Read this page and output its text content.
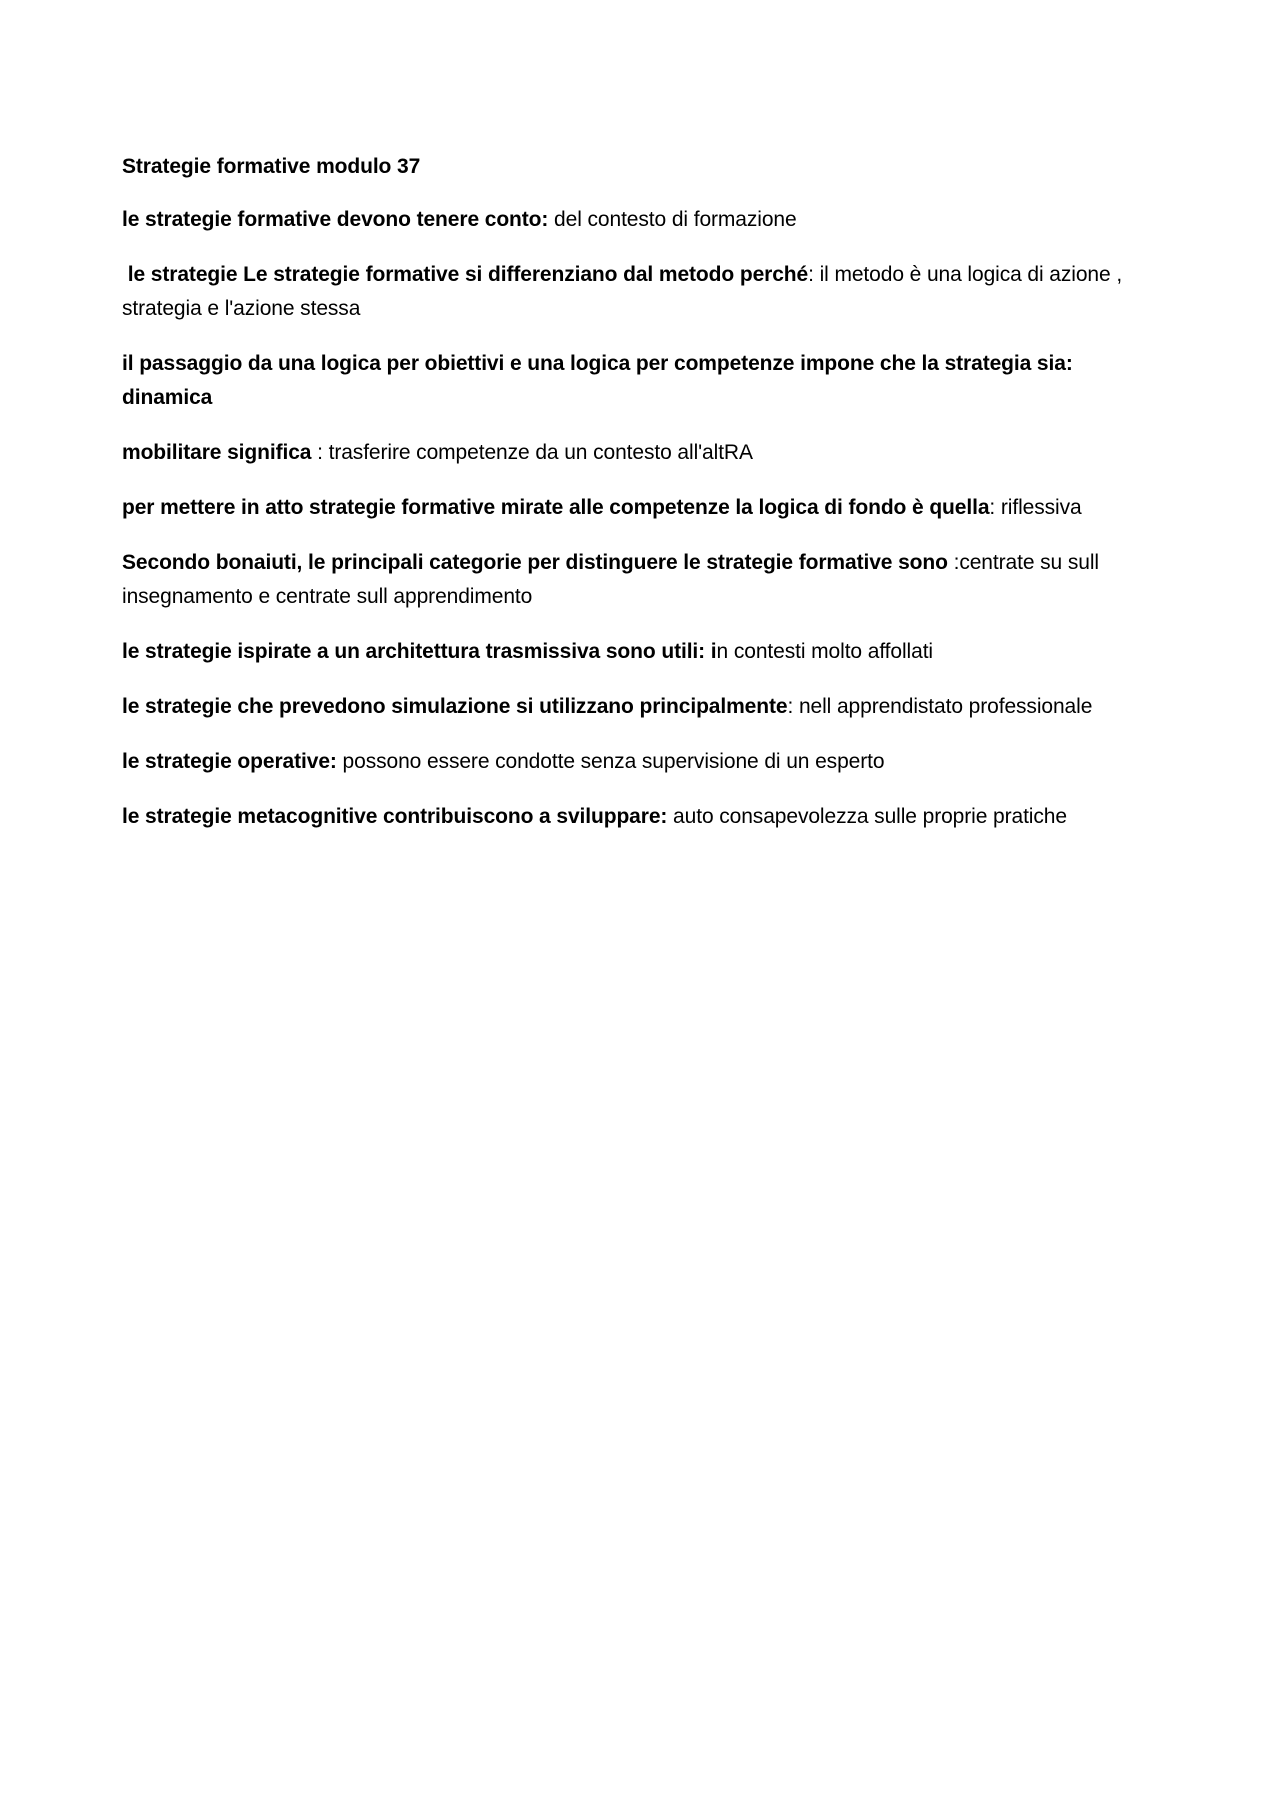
Strategie formative modulo 37

le strategie formative devono tenere conto: del contesto di formazione

le strategie Le strategie formative si differenziano dal metodo perché: il metodo è una logica di azione , strategia e l'azione stessa

il passaggio da una logica per obiettivi e una logica per competenze impone che la strategia sia: dinamica

mobilitare significa : trasferire competenze da un contesto all'altRA

per mettere in atto strategie formative mirate alle competenze la logica di fondo è quella: riflessiva

Secondo bonaiuti, le principali categorie per distinguere le strategie formative sono :centrate su sull insegnamento e centrate sull apprendimento

le strategie ispirate a un architettura trasmissiva sono utili: in contesti molto affollati

le strategie che prevedono simulazione si utilizzano principalmente: nell apprendistato professionale

le strategie operative: possono essere condotte senza supervisione di un esperto

le strategie metacognitive contribuiscono a sviluppare: auto consapevolezza sulle proprie pratiche
